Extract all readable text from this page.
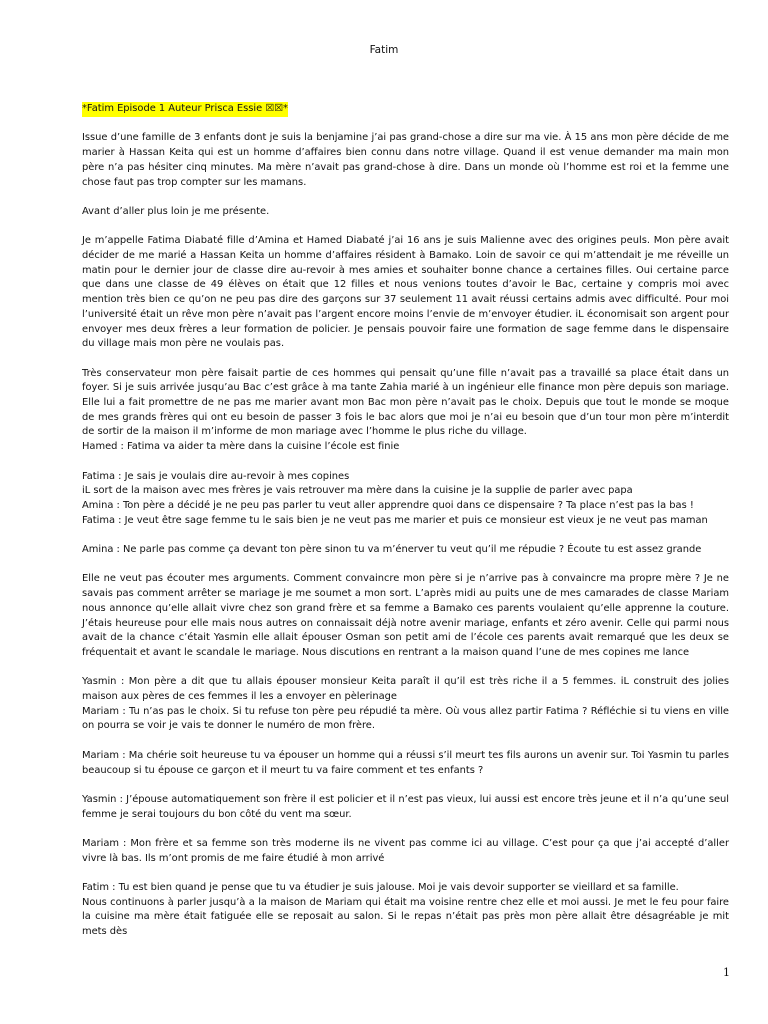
Fatim
*Fatim Episode 1 Auteur Prisca Essie ☒☒*
Issue d’une famille de 3 enfants dont je suis la benjamine j’ai pas grand-chose a dire sur ma vie. À 15 ans mon père décide de me marier à Hassan Keita qui est un homme d’affaires bien connu dans notre village. Quand il est venue demander ma main mon père n’a pas hésiter cinq minutes. Ma mère n’avait pas grand-chose à dire. Dans un monde où l’homme est roi et la femme une chose faut pas trop compter sur les mamans.
Avant d’aller plus loin je me présente.
Je m’appelle Fatima Diabaté fille d’Amina et Hamed Diabaté j’ai 16 ans je suis Malienne avec des origines peuls. Mon père avait décider de me marié a Hassan Keita un homme d’affaires résident à Bamako. Loin de savoir ce qui m’attendait je me réveille un matin pour le dernier jour de classe dire au-revoir à mes amies et souhaiter bonne chance a certaines filles. Oui certaine parce que dans une classe de 49 élèves on était que 12 filles et nous venions toutes d’avoir le Bac, certaine y compris moi avec mention très bien ce qu’on ne peu pas dire des garçons sur 37 seulement 11 avait réussi certains admis avec difficulté. Pour moi l’université était un rêve mon père n’avait pas l’argent encore moins l’envie de m’envoyer étudier. iL économisait son argent pour envoyer mes deux frères a leur formation de policier. Je pensais pouvoir faire une formation de sage femme dans le dispensaire du village mais mon père ne voulais pas.
Très conservateur mon père faisait partie de ces hommes qui pensait qu’une fille n’avait pas a travaillé sa place était dans un foyer. Si je suis arrivée jusqu’au Bac c’est grâce à ma tante Zahia marié à un ingénieur elle finance mon père depuis son mariage. Elle lui a fait promettre de ne pas me marier avant mon Bac mon père n’avait pas le choix. Depuis que tout le monde se moque de mes grands frères qui ont eu besoin de passer 3 fois le bac alors que moi je n’ai eu besoin que d’un tour mon père m’interdit de sortir de la maison il m’informe de mon mariage avec l’homme le plus riche du village.
Hamed : Fatima va aider ta mère dans la cuisine l’école est finie
Fatima : Je sais je voulais dire au-revoir à mes copines
iL sort de la maison avec mes frères je vais retrouver ma mère dans la cuisine je la supplie de parler avec papa
Amina : Ton père a décidé je ne peu pas parler tu veut aller apprendre quoi dans ce dispensaire ? Ta place n’est pas la bas !
Fatima : Je veut être sage femme tu le sais bien je ne veut pas me marier et puis ce monsieur est vieux je ne veut pas maman
Amina : Ne parle pas comme ça devant ton père sinon tu va m’énerver tu veut qu’il me répudie ? Écoute tu est assez grande
Elle ne veut pas écouter mes arguments. Comment convaincre mon père si je n’arrive pas à convaincre ma propre mère ? Je ne savais pas comment arrêter se mariage je me soumet a mon sort. L’après midi au puits une de mes camarades de classe Mariam nous annonce qu’elle allait vivre chez son grand frère et sa femme a Bamako ces parents voulaient qu’elle apprenne la couture. J’étais heureuse pour elle mais nous autres on connaissait déjà notre avenir mariage, enfants et zéro avenir. Celle qui parmi nous avait de la chance c’était Yasmin elle allait épouser Osman son petit ami de l’école ces parents avait remarqué que les deux se fréquentait et avant le scandale le mariage. Nous discutions en rentrant a la maison quand l’une de mes copines me lance
Yasmin : Mon père a dit que tu allais épouser monsieur Keita paraît il qu’il est très riche il a 5 femmes. iL construit des jolies maison aux pères de ces femmes il les a envoyer en pèlerinage
Mariam : Tu n’as pas le choix. Si tu refuse ton père peu répudié ta mère. Où vous allez partir Fatima ? Réfléchie si tu viens en ville on pourra se voir je vais te donner le numéro de mon frère.
Mariam : Ma chérie soit heureuse tu va épouser un homme qui a réussi s’il meurt tes fils aurons un avenir sur. Toi Yasmin tu parles beaucoup si tu épouse ce garçon et il meurt tu va faire comment et tes enfants ?
Yasmin : J’épouse automatiquement son frère il est policier et il n’est pas vieux, lui aussi est encore très jeune et il n’a qu’une seul femme je serai toujours du bon côté du vent ma sœur.
Mariam : Mon frère et sa femme son très moderne ils ne vivent pas comme ici au village. C’est pour ça que j’ai accepté d’aller vivre là bas. Ils m’ont promis de me faire étudié à mon arrivé
Fatim : Tu est bien quand je pense que tu va étudier je suis jalouse. Moi je vais devoir supporter se vieillard et sa famille.
Nous continuons à parler jusqu’à a la maison de Mariam qui était ma voisine rentre chez elle et moi aussi. Je met le feu pour faire la cuisine ma mère était fatiguée elle se reposait au salon. Si le repas n’était pas près mon père allait être désagréable je mit mets dès
1
